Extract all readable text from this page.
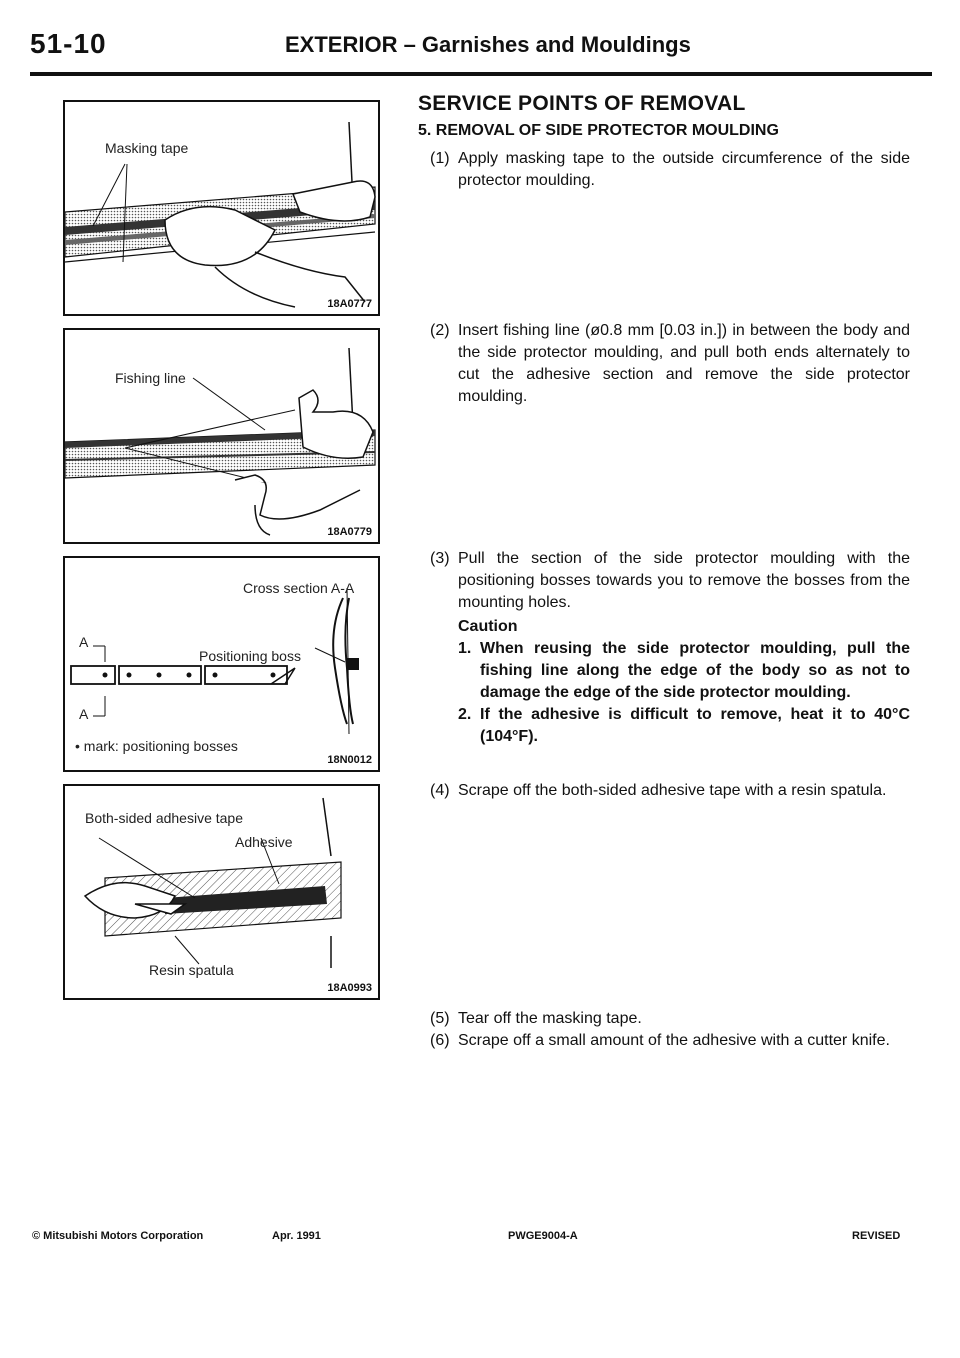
51-10	EXTERIOR – Garnishes and Mouldings
Masking tape
18A0777
Fishing line
18A0779
Cross section A-A
A
Positioning boss
A
• mark: positioning bosses
18N0012
Both-sided adhesive tape
Adhesive
Resin spatula
18A0993
SERVICE POINTS OF REMOVAL
5. REMOVAL OF SIDE PROTECTOR MOULDING
(1) Apply masking tape to the outside circumference of the side protector moulding.
(2) Insert fishing line (ø0.8 mm [0.03 in.]) in between the body and the side protector moulding, and pull both ends alternately to cut the adhesive section and remove the side protector moulding.
(3) Pull the section of the side protector moulding with the positioning bosses towards you to remove the bosses from the mounting holes.
Caution
1. When reusing the side protector moulding, pull the fishing line along the edge of the body so as not to damage the edge of the side protector moulding.
2. If the adhesive is difficult to remove, heat it to 40°C (104°F).
(4) Scrape off the both-sided adhesive tape with a resin spatula.
(5) Tear off the masking tape.
(6) Scrape off a small amount of the adhesive with a cutter knife.
© Mitsubishi Motors Corporation	Apr. 1991	PWGE9004-A	REVISED
